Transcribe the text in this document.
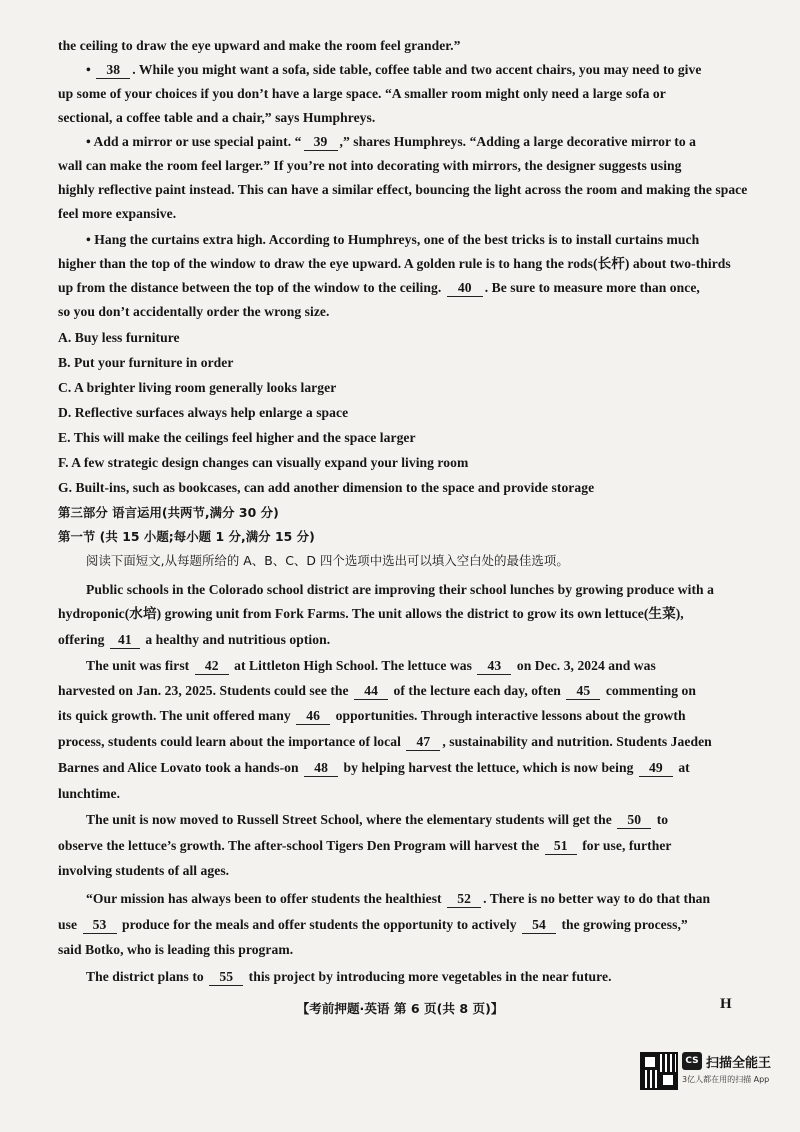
the ceiling to draw the eye upward and make the room feel grander.”
• 38 . While you might want a sofa, side table, coffee table and two accent chairs, you may need to give
up some of your choices if you don’t have a large space. “A smaller room might only need a large sofa or
sectional, a coffee table and a chair,” says Humphreys.
• Add a mirror or use special paint. “ 39 ,” shares Humphreys. “Adding a large decorative mirror to a
wall can make the room feel larger.” If you’re not into decorating with mirrors, the designer suggests using
highly reflective paint instead. This can have a similar effect, bouncing the light across the room and making the space
feel more expansive.
• Hang the curtains extra high. According to Humphreys, one of the best tricks is to install curtains much
higher than the top of the window to draw the eye upward. A golden rule is to hang the rods(长杆) about two-thirds
up from the distance between the top of the window to the ceiling. 40 . Be sure to measure more than once,
so you don’t accidentally order the wrong size.
A. Buy less furniture
B. Put your furniture in order
C. A brighter living room generally looks larger
D. Reflective surfaces always help enlarge a space
E. This will make the ceilings feel higher and the space larger
F. A few strategic design changes can visually expand your living room
G. Built-ins, such as bookcases, can add another dimension to the space and provide storage
第三部分 语言运用(共两节,满分 30 分)
第一节 (共 15 小题;每小题 1 分,满分 15 分)
阅读下面短文,从每题所给的 A、B、C、D 四个选项中选出可以填入空白处的最佳选项。
Public schools in the Colorado school district are improving their school lunches by growing produce with a
hydroponic(水培) growing unit from Fork Farms. The unit allows the district to grow its own lettuce(生菜),
offering 41 a healthy and nutritious option.
The unit was first 42 at Littleton High School. The lettuce was 43 on Dec. 3, 2024 and was
harvested on Jan. 23, 2025. Students could see the 44 of the lecture each day, often 45 commenting on
its quick growth. The unit offered many 46 opportunities. Through interactive lessons about the growth
process, students could learn about the importance of local 47 , sustainability and nutrition. Students Jaeden
Barnes and Alice Lovato took a hands-on 48 by helping harvest the lettuce, which is now being 49 at
lunchtime.
The unit is now moved to Russell Street School, where the elementary students will get the 50 to
observe the lettuce’s growth. The after-school Tigers Den Program will harvest the 51 for use, further
involving students of all ages.
“Our mission has always been to offer students the healthiest 52 . There is no better way to do that than
use 53 produce for the meals and offer students the opportunity to actively 54 the growing process,”
said Botko, who is leading this program.
The district plans to 55 this project by introducing more vegetables in the near future.
【考前押题·英语 第 6 页(共 8 页)】	H
CS 扫描全能王
3亿人都在用的扫描 App
